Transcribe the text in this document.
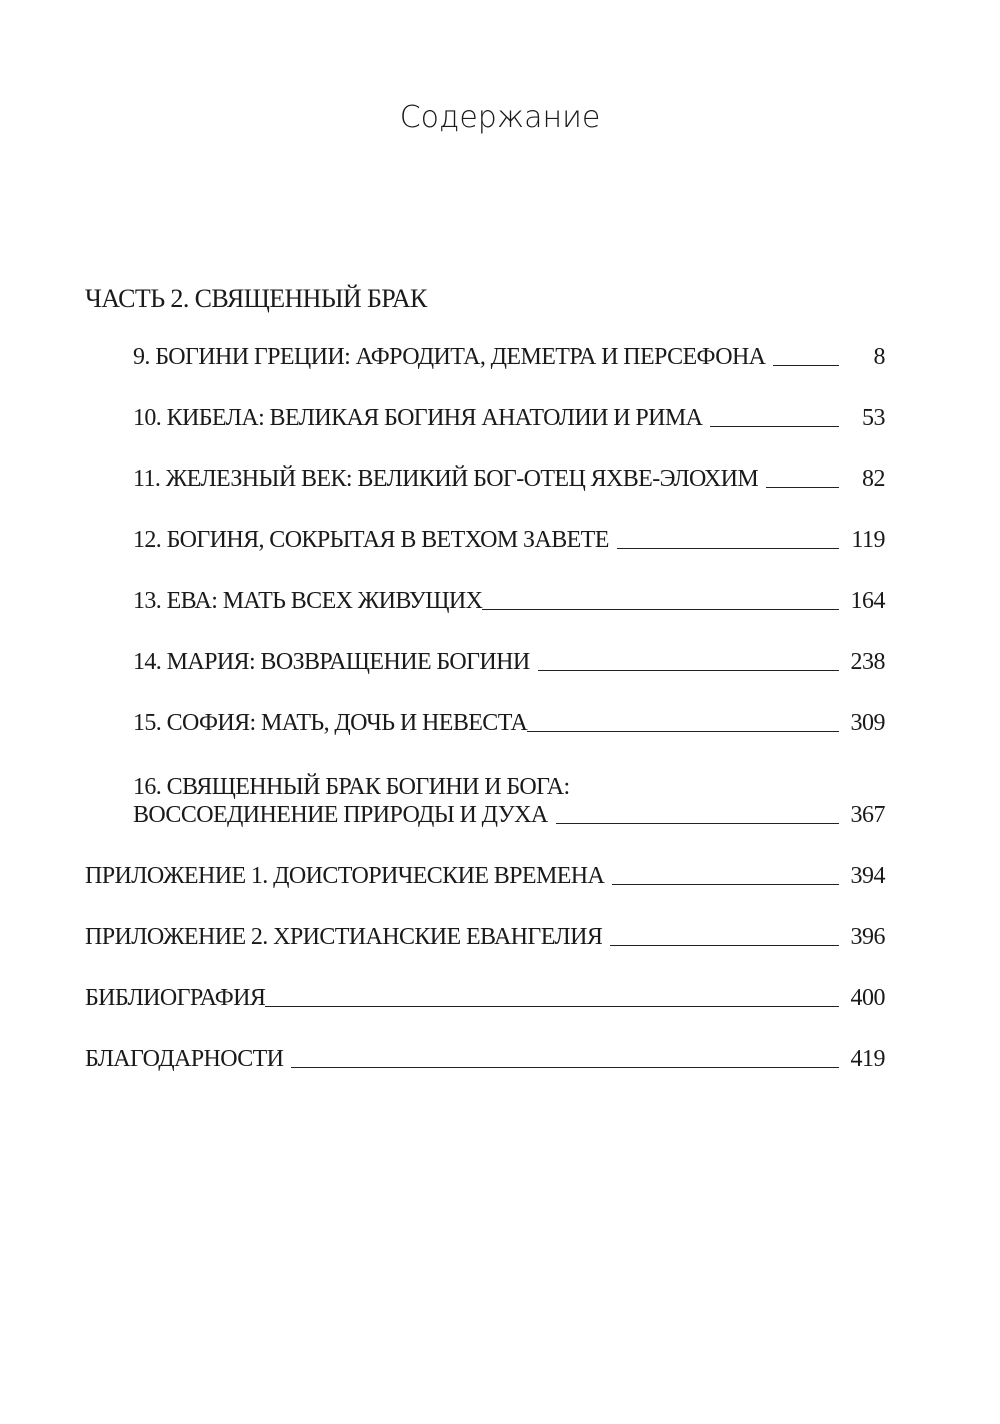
Содержание
ЧАСТЬ 2. СВЯЩЕННЫЙ БРАК
9. БОГИНИ ГРЕЦИИ: АФРОДИТА, ДЕМЕТРА И ПЕРСЕФОНА	8
10. КИБЕЛА: ВЕЛИКАЯ БОГИНЯ АНАТОЛИИ И РИМА	53
11. ЖЕЛЕЗНЫЙ ВЕК: ВЕЛИКИЙ БОГ-ОТЕЦ ЯХВЕ-ЭЛОХИМ	82
12. БОГИНЯ, СОКРЫТАЯ В ВЕТХОМ ЗАВЕТЕ	119
13. ЕВА: МАТЬ ВСЕХ ЖИВУЩИХ	164
14. МАРИЯ: ВОЗВРАЩЕНИЕ БОГИНИ	238
15. СОФИЯ: МАТЬ, ДОЧЬ И НЕВЕСТА	309
16. СВЯЩЕННЫЙ БРАК БОГИНИ И БОГА:
ВОССОЕДИНЕНИЕ ПРИРОДЫ И ДУХА	367
ПРИЛОЖЕНИЕ 1. ДОИСТОРИЧЕСКИЕ ВРЕМЕНА	394
ПРИЛОЖЕНИЕ 2. ХРИСТИАНСКИЕ ЕВАНГЕЛИЯ	396
БИБЛИОГРАФИЯ	400
БЛАГОДАРНОСТИ	419
